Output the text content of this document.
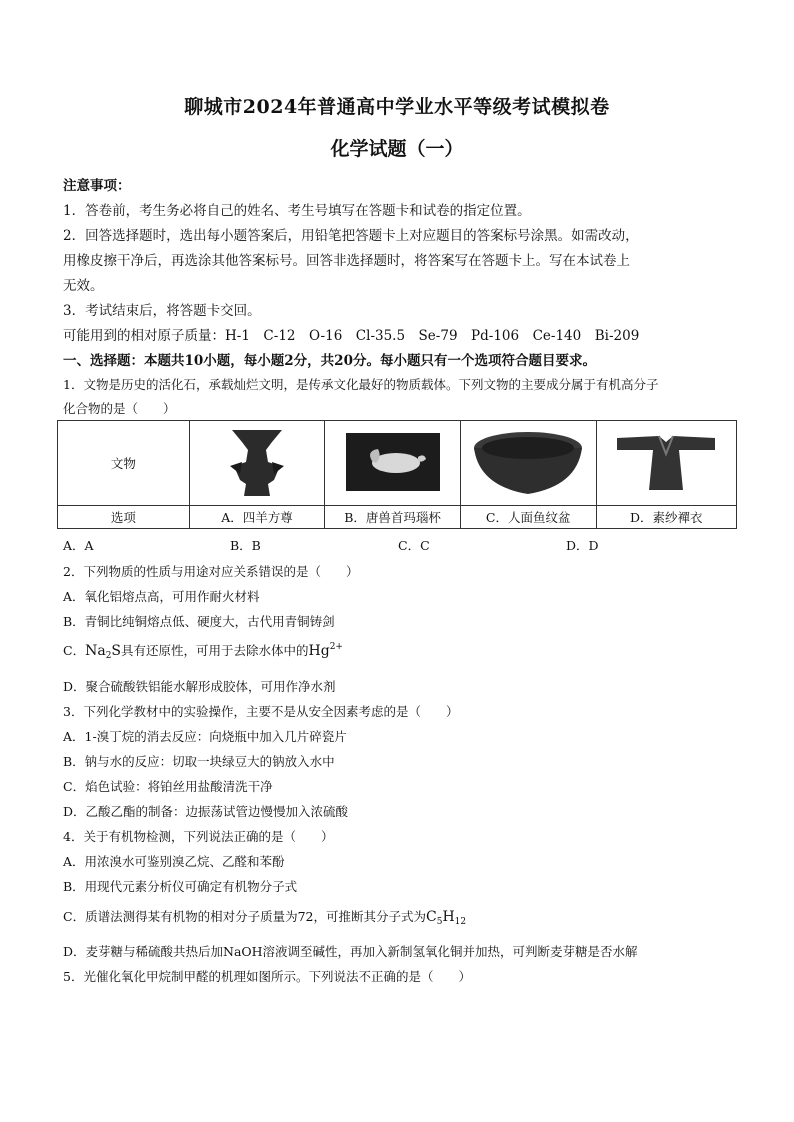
聊城市2024年普通高中学业水平等级考试模拟卷
化学试题（一）
注意事项：
1．答卷前，考生务必将自己的姓名、考生号填写在答题卡和试卷的指定位置。
2．回答选择题时，选出每小题答案后，用铅笔把答题卡上对应题目的答案标号涂黑。如需改动，
用橡皮擦干净后，再选涂其他答案标号。回答非选择题时，将答案写在答题卡上。写在本试卷上
无效。
3．考试结束后，将答题卡交回。
可能用到的相对原子质量：H-1　C-12　O-16　Cl-35.5　Se-79　Pd-106　Ce-140　Bi-209
一、选择题：本题共10小题，每小题2分，共20分。每小题只有一个选项符合题目要求。
1．文物是历史的活化石，承载灿烂文明，是传承文化最好的物质载体。下列文物的主要成分属于有机高分子
化合物的是（　　）
文物				
选项	A．四羊方尊	B．唐兽首玛瑙杯	C．人面鱼纹盆	D．素纱襌衣
A．A	B．B	C．C	D．D
2．下列物质的性质与用途对应关系错误的是（　　）
A．氧化铝熔点高，可用作耐火材料
B．青铜比纯铜熔点低、硬度大，古代用青铜铸剑
C．$Na_2S$具有还原性，可用于去除水体中的$Hg^{2+}$
D．聚合硫酸铁铝能水解形成胶体，可用作净水剂
3．下列化学教材中的实验操作，主要不是从安全因素考虑的是（　　）
A．1-溴丁烷的消去反应：向烧瓶中加入几片碎瓷片
B．钠与水的反应：切取一块绿豆大的钠放入水中
C．焰色试验：将铂丝用盐酸清洗干净
D．乙酸乙酯的制备：边振荡试管边慢慢加入浓硫酸
4．关于有机物检测，下列说法正确的是（　　）
A．用浓溴水可鉴别溴乙烷、乙醛和苯酚
B．用现代元素分析仪可确定有机物分子式
C．质谱法测得某有机物的相对分子质量为72，可推断其分子式为$C_5H_{12}$
D．麦芽糖与稀硫酸共热后加NaOH溶液调至碱性，再加入新制氢氧化铜并加热，可判断麦芽糖是否水解
5．光催化氧化甲烷制甲醛的机理如图所示。下列说法不正确的是（　　）
